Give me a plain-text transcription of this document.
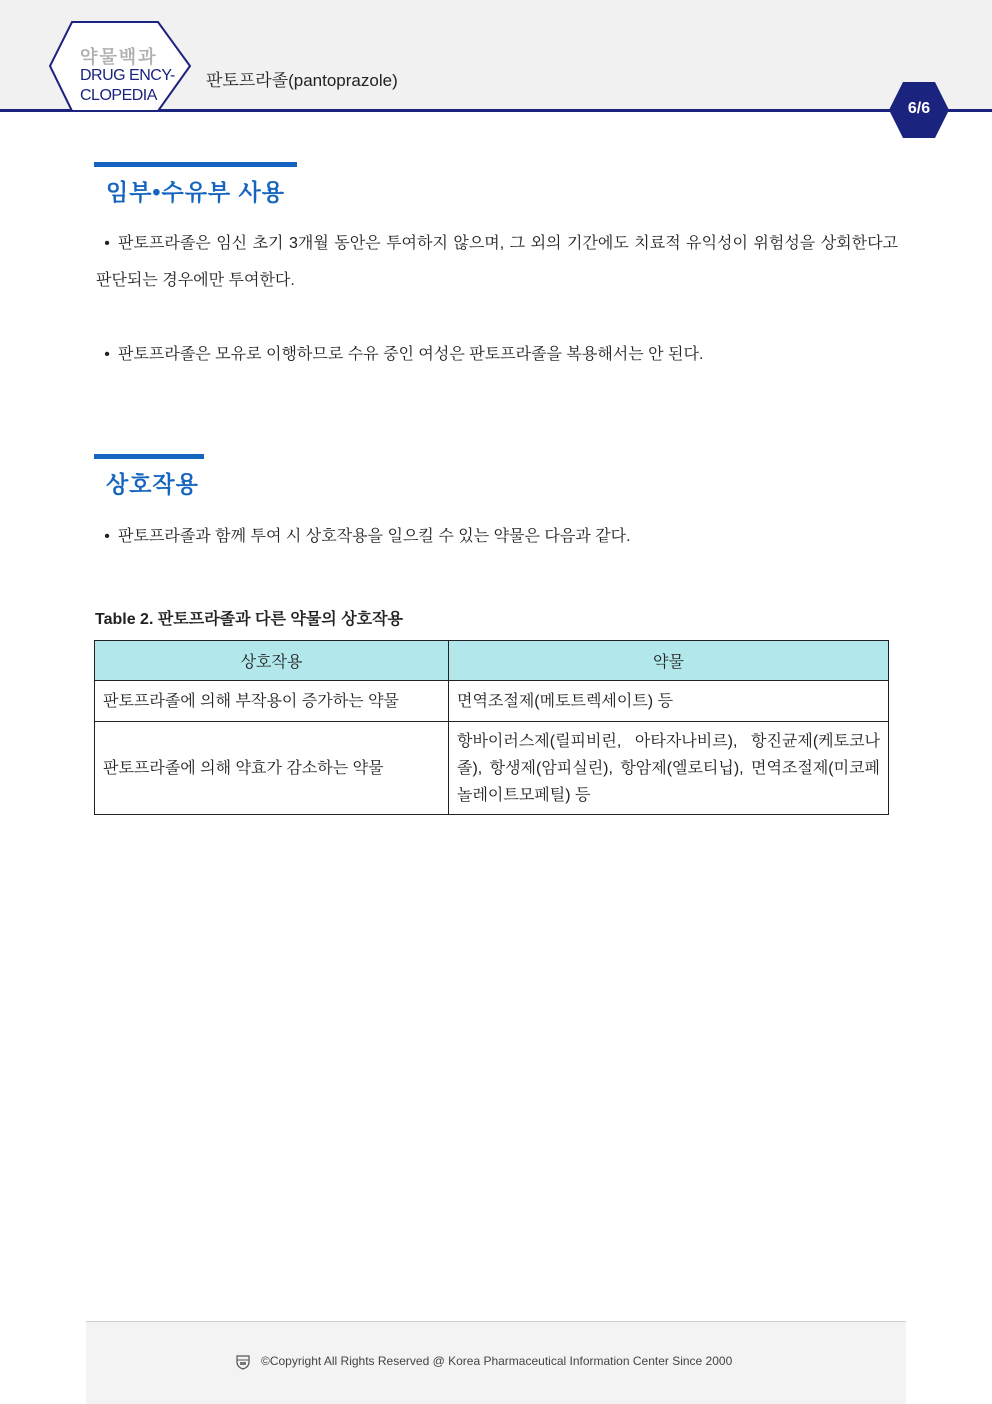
약물백과
DRUG ENCY-
CLOPEDIA
판토프라졸(pantoprazole)
6/6
임부•수유부 사용
• 판토프라졸은 임신 초기 3개월 동안은 투여하지 않으며, 그 외의 기간에도 치료적 유익성이 위험성을 상회한다고 판단되는 경우에만 투여한다.
• 판토프라졸은 모유로 이행하므로 수유 중인 여성은 판토프라졸을 복용해서는 안 된다.
상호작용
• 판토프라졸과 함께 투여 시 상호작용을 일으킬 수 있는 약물은 다음과 같다.
Table 2. 판토프라졸과 다른 약물의 상호작용
상호작용	약물
판토프라졸에 의해 부작용이 증가하는 약물	면역조절제(메토트렉세이트) 등
판토프라졸에 의해 약효가 감소하는 약물	항바이러스제(릴피비린, 아타자나비르), 항진균제(케토코나졸), 항생제(암피실린), 항암제(엘로티닙), 면역조절제(미코페놀레이트모페틸) 등
©Copyright All Rights Reserved @ Korea Pharmaceutical Information Center Since 2000
